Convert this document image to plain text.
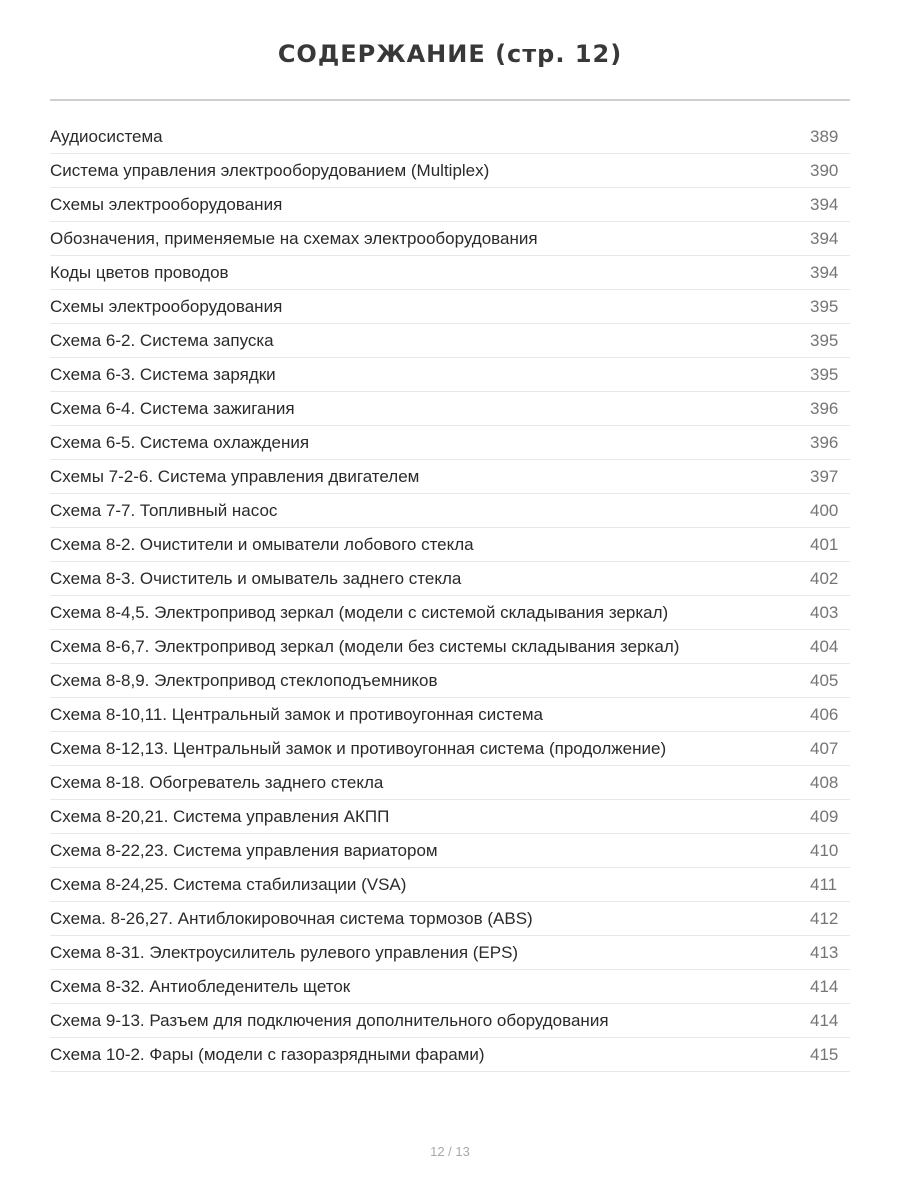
СОДЕРЖАНИЕ (стр. 12)
Аудиосистема	389
Система управления электрооборудованием (Multiplex)	390
Схемы электрооборудования	394
Обозначения, применяемые на схемах электрооборудования	394
Коды цветов проводов	394
Схемы электрооборудования	395
Схема 6-2. Система запуска	395
Схема 6-3. Система зарядки	395
Схема 6-4. Система зажигания	396
Схема 6-5. Система охлаждения	396
Схемы 7-2-6. Система управления двигателем	397
Схема 7-7. Топливный насос	400
Схема 8-2. Очистители и омыватели лобового стекла	401
Схема 8-3. Очиститель и омыватель заднего стекла	402
Схема 8-4,5. Электропривод зеркал (модели с системой складывания зеркал)	403
Схема 8-6,7. Электропривод зеркал (модели без системы складывания зеркал)	404
Схема 8-8,9. Электропривод стеклоподъемников	405
Схема 8-10,11. Центральный замок и противоугонная система	406
Схема 8-12,13. Центральный замок и противоугонная система (продолжение)	407
Схема 8-18. Обогреватель заднего стекла	408
Схема 8-20,21. Система управления АКПП	409
Схема 8-22,23. Система управления вариатором	410
Схема 8-24,25. Система стабилизации (VSA)	411
Схема. 8-26,27. Антиблокировочная система тормозов (ABS)	412
Схема 8-31. Электроусилитель рулевого управления (EPS)	413
Схема 8-32. Антиобледенитель щеток	414
Схема 9-13. Разъем для подключения дополнительного оборудования	414
Схема 10-2. Фары (модели с газоразрядными фарами)	415
12 / 13
